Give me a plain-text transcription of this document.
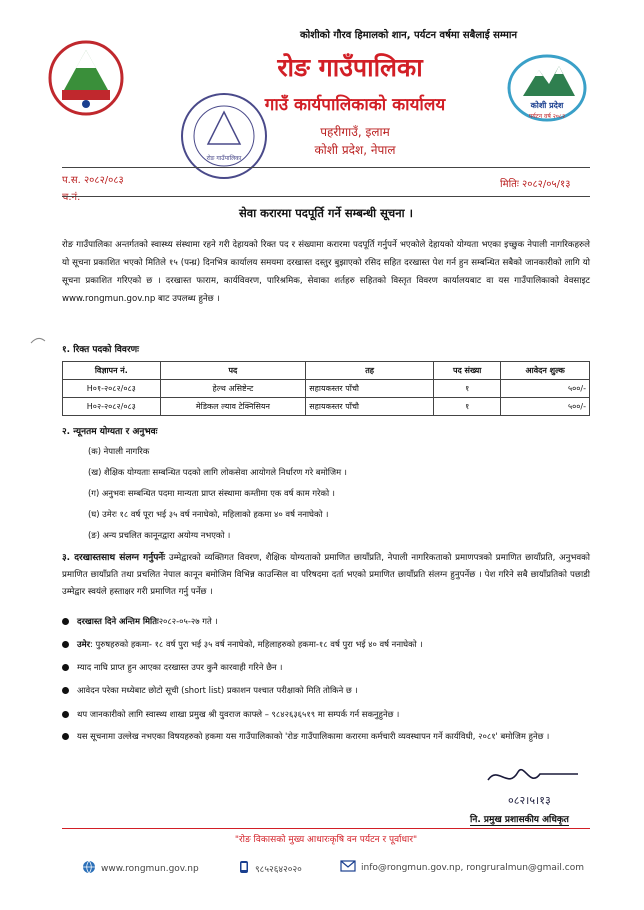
कोशीको गौरव हिमालको शान, पर्यटन वर्षमा सबैलाई सम्मान
रोङ गाउँपालिका
गाउँ कार्यपालिकाको कार्यालय
पहरीगाउँ, इलाम
कोशी प्रदेश, नेपाल
रोङ गाउँपालिका
कोशी प्रदेश
पर्यटन वर्ष २०८२
प.स. २०८२/०८३
च.नं.
मितिः २०८२/०५/१३
सेवा करारमा पदपूर्ति गर्ने सम्बन्धी सूचना ।
रोङ गाउँपालिका अन्तर्गतको स्वास्थ्य संस्थामा रहने गरी देहायको रिक्त पद र संख्यामा करारमा पदपूर्ति गर्नुपर्ने भएकोले देहायको योग्यता भएका इच्छुक नेपाली नागरिकहरुले यो सूचना प्रकाशित भएको मितिले १५ (पन्ध्र) दिनभित्र कार्यालय समयमा दरखास्त दस्तुर बुझाएको रसिद सहित दरखास्त पेश गर्न हुन सम्बन्धित सबैको जानकारीको लागि यो सूचना प्रकाशित गरिएको छ । दरखास्त फाराम, कार्यविवरण, पारिश्रमिक, सेवाका शर्तहरु सहितको विस्तृत विवरण कार्यालयबाट वा यस गाउँपालिकाको वेवसाइट www.rongmun.gov.np बाट उपलब्ध हुनेछ ।
१. रिक्त पदको विवरणः
विज्ञापन नं.	पद	तह	पद संख्या	आवेदन शुल्क
H०१-२०८२/०८३	हेल्थ असिष्टेन्ट	सहायकस्तर पाँचौ	१	५००/-
H०२-२०८२/०८३	मेडिकल ल्याव टेक्निसियन	सहायकस्तर पाँचौ	१	५००/-
२. न्यूनतम योग्यता र अनुभवः
(क) नेपाली नागरिक
(ख) शैक्षिक योग्यताः सम्बन्धित पदको लागि लोकसेवा आयोगले निर्धारण गरे बमोजिम ।
(ग) अनुभवः सम्बन्धित पदमा मान्यता प्राप्त संस्थामा कम्तीमा एक वर्ष काम गरेको ।
(घ) उमेरः १८ वर्ष पूरा भई ३५ वर्ष ननाघेको, महिलाको हकमा ४० वर्ष ननाघेको ।
(ङ) अन्य प्रचलित कानूनद्वारा अयोग्य नभएको ।
३. दरखास्तसाथ संलग्न गर्नुपर्नेः उम्मेद्वारको व्यक्तिगत विवरण, शैक्षिक योग्यताको प्रमाणित छायाँप्रति, नेपाली नागरिकताको प्रमाणपत्रको प्रमाणित छायाँप्रति, अनुभवको प्रमाणित छायाँप्रति तथा प्रचलित नेपाल कानून बमोजिम विभिन्न काउन्सिल वा परिषदमा दर्ता भएको प्रमाणित छायाँप्रति संलग्न हुनुपर्नेछ । पेश गरिने सबै छायाँप्रतिको पछाडी उम्मेद्वार स्वयंले हस्ताक्षर गरी प्रमाणित गर्नु पर्नेछ ।
दरखास्त दिने अन्तिम मितिः२०८२-०५-२७ गते ।
उमेर: पुरुषहरुको हकमा- १८ वर्ष पुरा भई ३५ वर्ष ननाघेको, महिलाहरुको हकमा-१८ वर्ष पुरा भई ४० वर्ष ननाघेको ।
म्याद नाघि प्राप्त हुन आएका दरखास्त उपर कुनै कारवाही गरिने छैन ।
आवेदन परेका मध्येबाट छोटो सूची (short list) प्रकाशन पश्चात परीक्षाको मिति तोकिने छ ।
थप जानकारीको लागि स्वास्थ्य शाखा प्रमुख श्री युवराज काफ्ले – ९८४२६३६५१९ मा सम्पर्क गर्न सकनुहुनेछ ।
यस सूचनामा उल्लेख नभएका विषयहरुको हकमा यस गाउँपालिकाको 'रोङ गाउँपालिकामा करारमा कर्मचारी व्यवस्थापन गर्ने कार्यविधी, २०८१' बमोजिम हुनेछ ।
०८२।५।१३
नि. प्रमुख प्रशासकीय अधिकृत
"रोङ विकासको मुख्य आधारःकृषि वन पर्यटन र पूर्वाधार"
www.rongmun.gov.np	९८५२६४२०२०	info@rongmun.gov.np, rongruralmun@gmail.com
